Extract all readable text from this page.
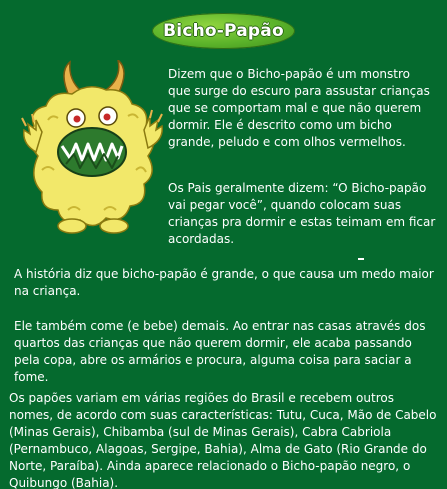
Bicho-Papão

Dizem que o Bicho-papão é um monstro que surge do escuro para assustar crianças que se comportam mal e que não querem dormir. Ele é descrito como um bicho grande, peludo e com olhos vermelhos.

Os Pais geralmente dizem: “O Bicho-papão vai pegar você”, quando colocam suas crianças pra dormir e estas teimam em ficar acordadas.

A história diz que bicho-papão é grande, o que causa um medo maior na criança.

Ele também come (e bebe) demais. Ao entrar nas casas através dos quartos das crianças que não querem dormir, ele acaba passando pela copa, abre os armários e procura, alguma coisa para saciar a fome.

Os papões variam em várias regiões do Brasil e recebem outros nomes, de acordo com suas características: Tutu, Cuca, Mão de Cabelo (Minas Gerais), Chibamba (sul de Minas Gerais), Cabra Cabriola (Pernambuco, Alagoas, Sergipe, Bahia), Alma de Gato (Rio Grande do Norte, Paraíba). Ainda aparece relacionado o Bicho-papão negro, o Quibungo (Bahia).
